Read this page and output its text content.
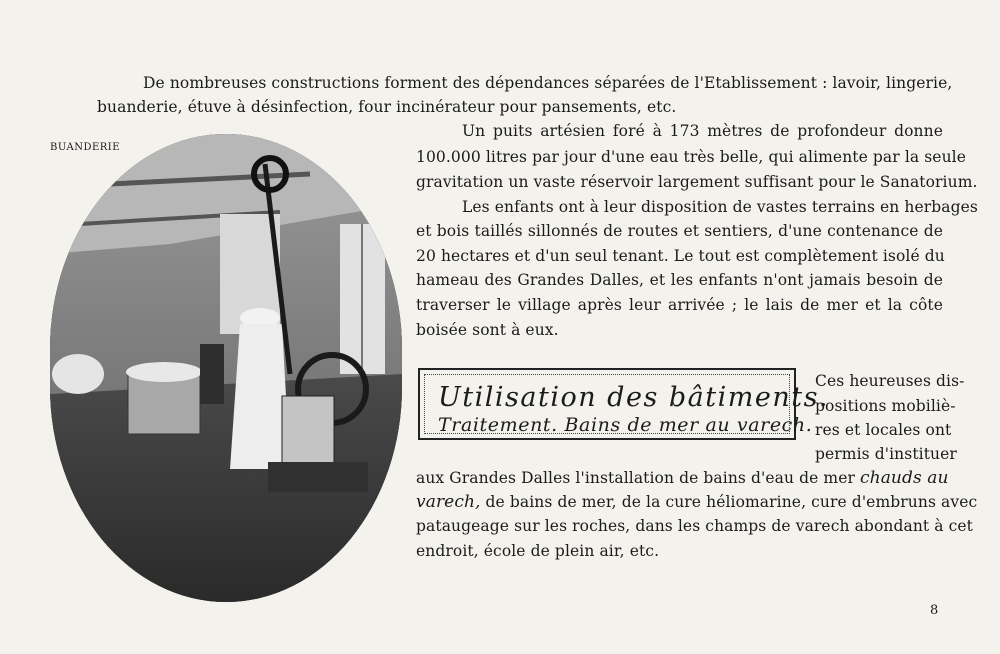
De nombreuses constructions forment des dépendances séparées de l'Etablissement : lavoir, lingerie,
buanderie, étuve à désinfection, four incinérateur pour pansements, etc.
BUANDERIE
Un puits artésien foré à 173 mètres de profondeur donne
100.000 litres par jour d'une eau très belle, qui alimente par la seule
gravitation un vaste réservoir largement suffisant pour le Sanatorium.
Les enfants ont à leur disposition de vastes terrains en herbages
et bois taillés sillonnés de routes et sentiers, d'une contenance de
20 hectares et d'un seul tenant. Le tout est complètement isolé du
hameau des Grandes Dalles, et les enfants n'ont jamais besoin de
traverser le village après leur arrivée ; le lais de mer et la côte
boisée sont à eux.
Utilisation des bâtiments.
Traitement. Bains de mer au varech.
Ces heureuses dis-
positions mobiliè-
res et locales ont
permis d'instituer
aux Grandes Dalles l'installation de bains d'eau de mer chauds au
varech, de bains de mer, de la cure héliomarine, cure d'embruns avec
pataugeage sur les roches, dans les champs de varech abondant à cet
endroit, école de plein air, etc.
8
